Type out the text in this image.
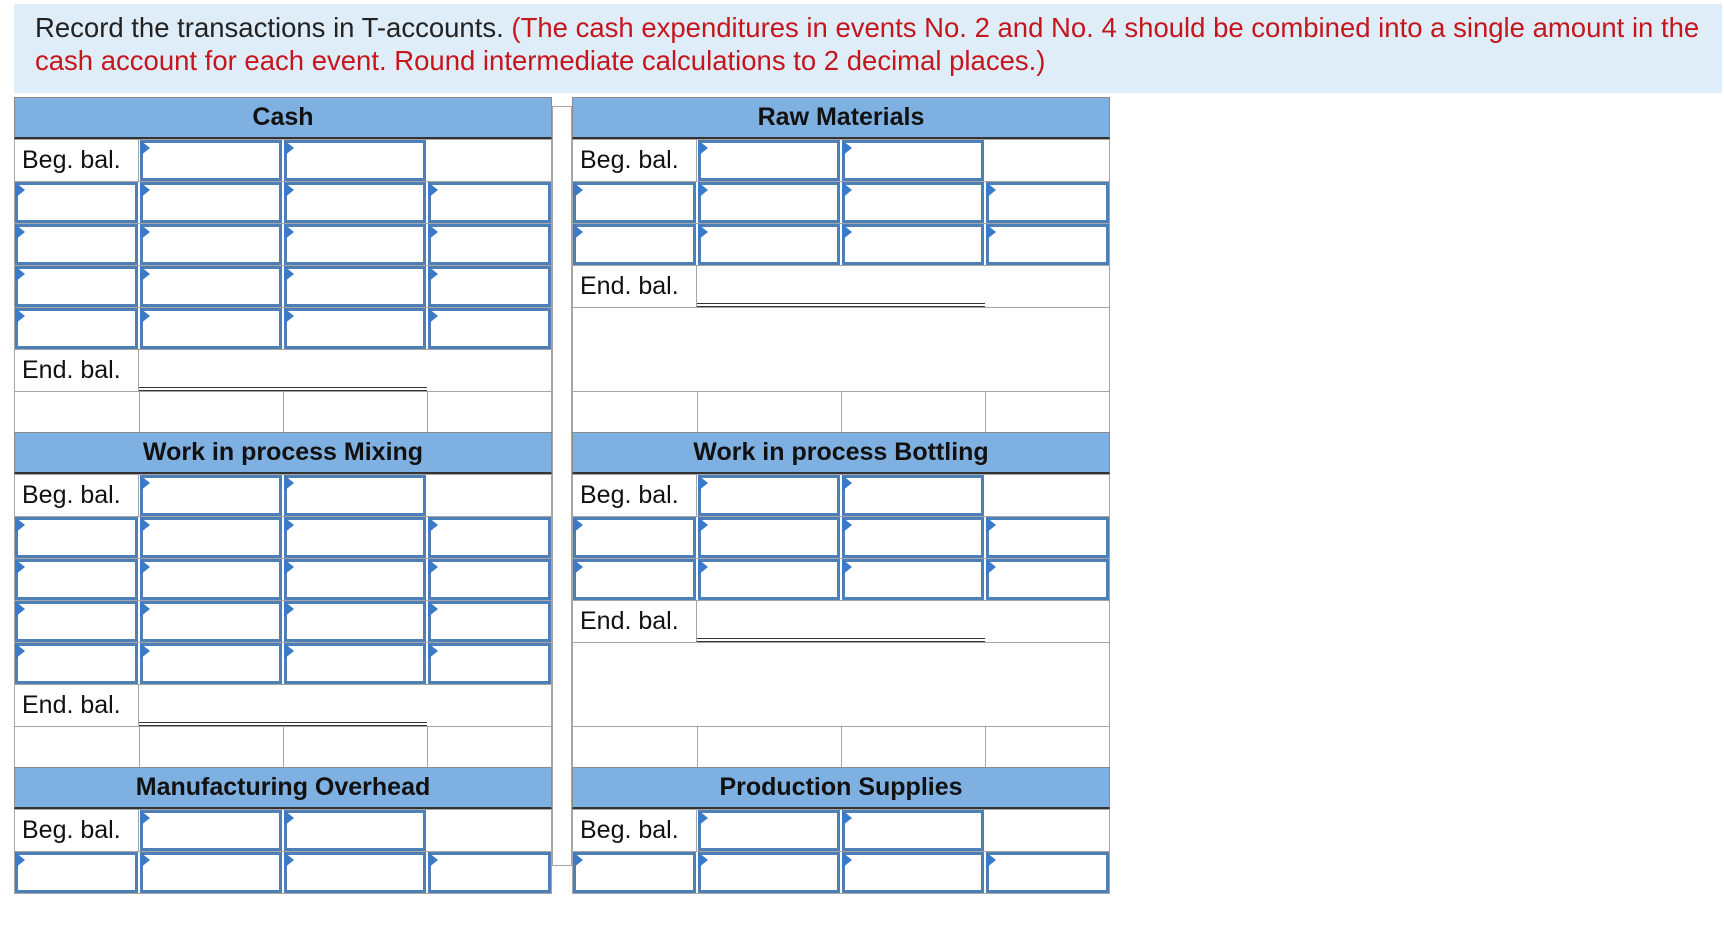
Record the transactions in T-accounts. (The cash expenditures in events No. 2 and No. 4 should be combined into a single amount in the cash account for each event. Round intermediate calculations to 2 decimal places.)
Cash
Beg. bal.
End. bal.
Raw Materials
Beg. bal.
End. bal.
Work in process Mixing
Beg. bal.
End. bal.
Work in process Bottling
Beg. bal.
End. bal.
Manufacturing Overhead	Production Supplies
Beg. bal.	Beg. bal.
